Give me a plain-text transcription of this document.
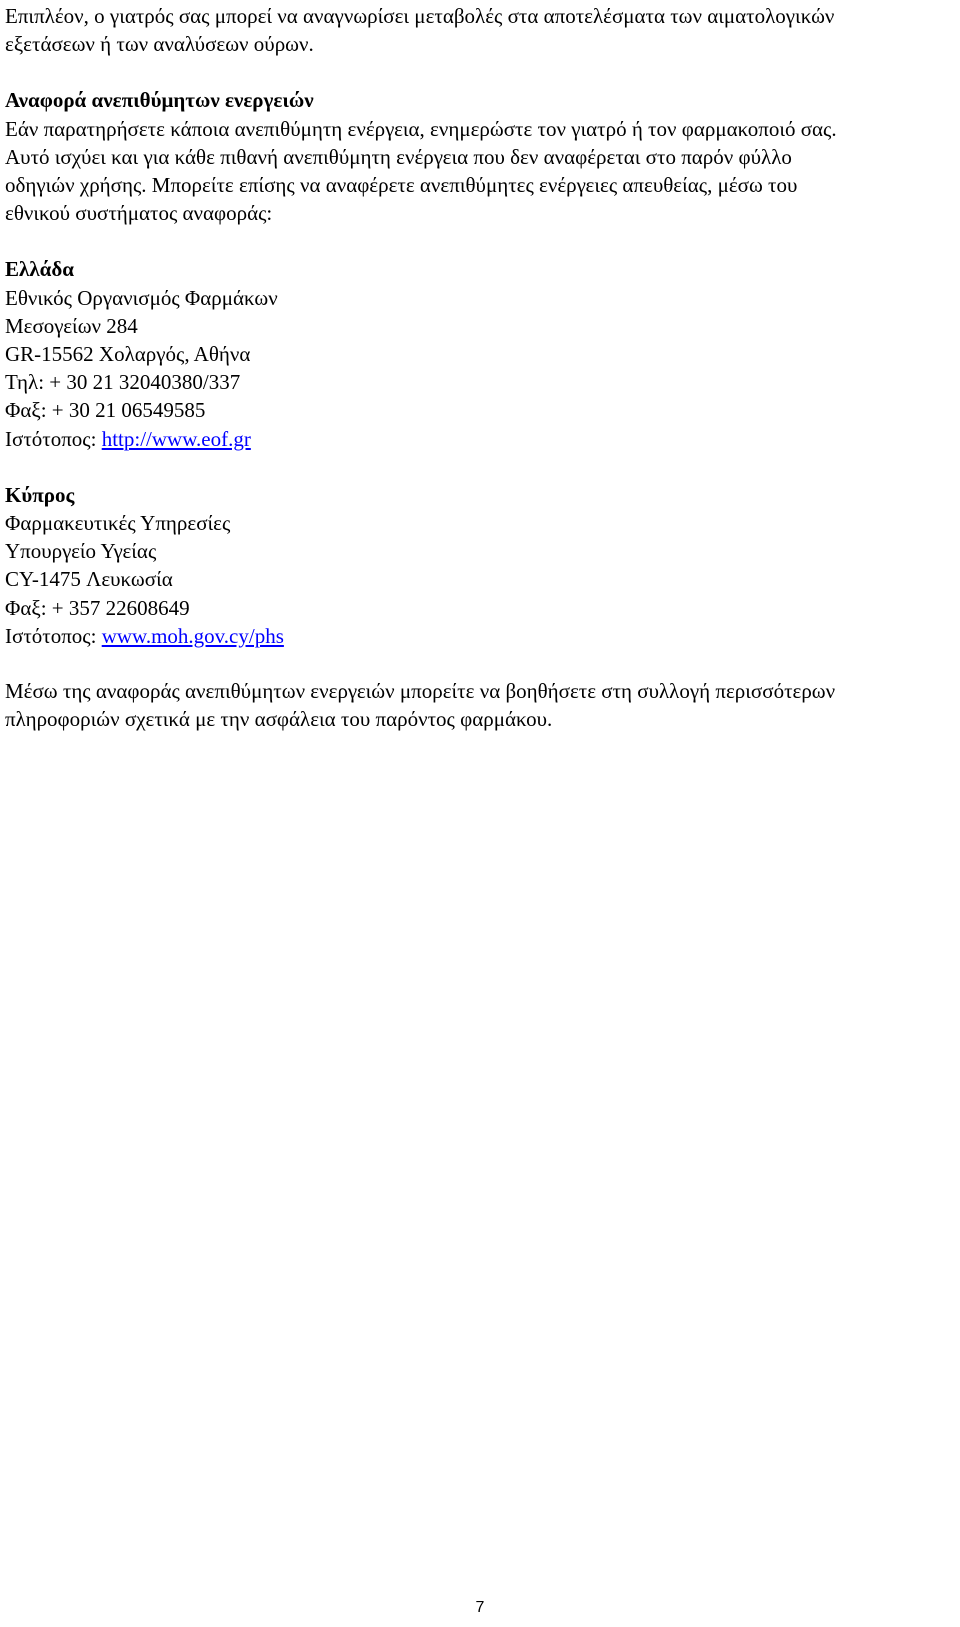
Επιπλέον, ο γιατρός σας μπορεί να αναγνωρίσει μεταβολές στα αποτελέσματα των αιματολογικών
εξετάσεων ή των αναλύσεων ούρων.

Αναφορά ανεπιθύμητων ενεργειών
Εάν παρατηρήσετε κάποια ανεπιθύμητη ενέργεια, ενημερώστε τον γιατρό ή τον φαρμακοποιό σας.
Αυτό ισχύει και για κάθε πιθανή ανεπιθύμητη ενέργεια που δεν αναφέρεται στο παρόν φύλλο
οδηγιών χρήσης. Μπορείτε επίσης να αναφέρετε ανεπιθύμητες ενέργειες απευθείας, μέσω του
εθνικού συστήματος αναφοράς:
Ελλάδα
Εθνικός Οργανισμός Φαρμάκων
Μεσογείων 284
GR-15562 Χολαργός, Αθήνα
Τηλ: + 30 21 32040380/337
Φαξ: + 30 21 06549585
Ιστότοπος: http://www.eof.gr
Κύπρος
Φαρμακευτικές Υπηρεσίες
Υπουργείο Υγείας
CY-1475 Λευκωσία
Φαξ: + 357 22608649
Ιστότοπος: www.moh.gov.cy/phs

Μέσω της αναφοράς ανεπιθύμητων ενεργειών μπορείτε να βοηθήσετε στη συλλογή περισσότερων
πληροφοριών σχετικά με την ασφάλεια του παρόντος φαρμάκου.

7
